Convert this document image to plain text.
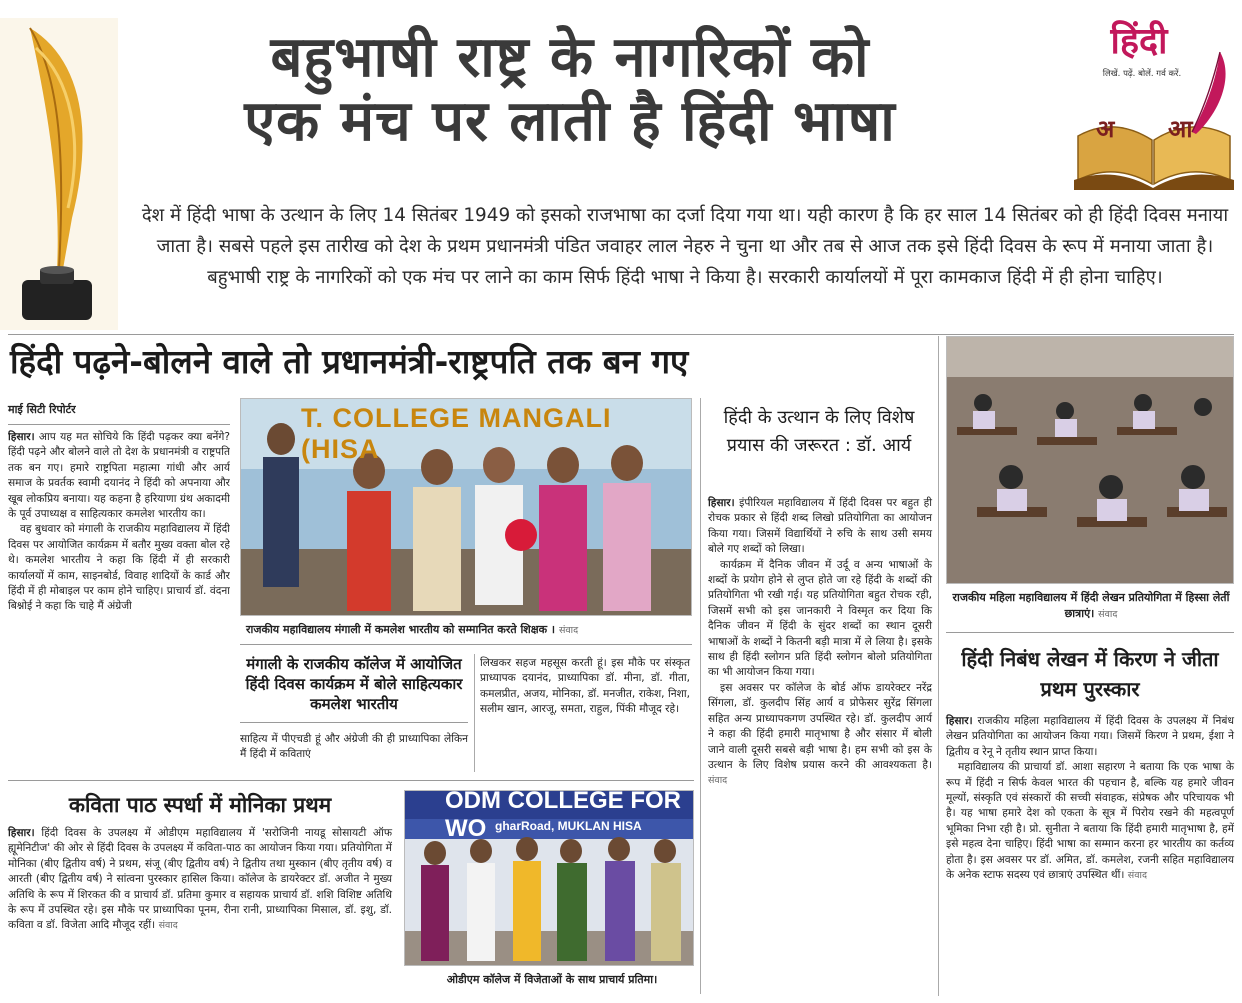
बहुभाषी राष्ट्र के नागरिकों को
एक मंच पर लाती है हिंदी भाषा
हिंदी
लिखें. पढ़ें. बोलें. गर्व करें.
अ आ
देश में हिंदी भाषा के उत्थान के लिए 14 सितंबर 1949 को इसको राजभाषा का दर्जा दिया गया था। यही कारण है कि हर साल 14 सितंबर को ही हिंदी दिवस मनाया जाता है। सबसे पहले इस तारीख को देश के प्रथम प्रधानमंत्री पंडित जवाहर लाल नेहरु ने चुना था और तब से आज तक इसे हिंदी दिवस के रूप में मनाया जाता है। बहुभाषी राष्ट्र के नागरिकों को एक मंच पर लाने का काम सिर्फ हिंदी भाषा ने किया है। सरकारी कार्यालयों में पूरा कामकाज हिंदी में ही होना चाहिए।
हिंदी पढ़ने-बोलने वाले तो प्रधानमंत्री-राष्ट्रपति तक बन गए
माई सिटी रिपोर्टर
हिसार। आप यह मत सोचिये कि हिंदी पढ़कर क्या बनेंगे? हिंदी पढ़ने और बोलने वाले तो देश के प्रधानमंत्री व राष्ट्रपति तक बन गए। हमारे राष्ट्रपिता महात्मा गांधी और आर्य समाज के प्रवर्तक स्वामी दयानंद ने हिंदी को अपनाया और खूब लोकप्रिय बनाया। यह कहना है हरियाणा ग्रंथ अकादमी के पूर्व उपाध्यक्ष व साहित्यकार कमलेश भारतीय का।
वह बुधवार को मंगाली के राजकीय महाविद्यालय में हिंदी दिवस पर आयोजित कार्यक्रम में बतौर मुख्य वक्ता बोल रहे थे। कमलेश भारतीय ने कहा कि हिंदी में ही सरकारी कार्यालयों में काम, साइनबोर्ड, विवाह शादियों के कार्ड और हिंदी में ही मोबाइल पर काम होने चाहिए। प्राचार्य डॉ. वंदना बिश्नोई ने कहा कि चाहे मैं अंग्रेजी
T. COLLEGE MANGALI (HISA
राजकीय महाविद्यालय मंगाली में कमलेश भारतीय को सम्मानित करते शिक्षक । संवाद
मंगाली के राजकीय कॉलेज में आयोजित हिंदी दिवस कार्यक्रम में बोले साहित्यकार कमलेश भारतीय
साहित्य में पीएचडी हूं और अंग्रेजी की ही प्राध्यापिका लेकिन मैं हिंदी में कविताएं
लिखकर सहज महसूस करती हूं। इस मौके पर संस्कृत प्राध्यापक दयानंद, प्राध्यापिका डॉ. मीना, डॉ. गीता, कमलप्रीत, अजय, मोनिका, डॉ. मनजीत, राकेश, निशा, सलीम खान, आरजू, समता, राहुल, पिंकी मौजूद रहे।
हिंदी के उत्थान के लिए विशेष प्रयास की जरूरत : डॉ. आर्य
हिसार। इंपीरियल महाविद्यालय में हिंदी दिवस पर बहुत ही रोचक प्रकार से हिंदी शब्द लिखो प्रतियोगिता का आयोजन किया गया। जिसमें विद्यार्थियों ने रुचि के साथ उसी समय बोले गए शब्दों को लिखा।
कार्यक्रम में दैनिक जीवन में उर्दू व अन्य भाषाओं के शब्दों के प्रयोग होने से लुप्त होते जा रहे हिंदी के शब्दों की प्रतियोगिता भी रखी गई। यह प्रतियोगिता बहुत रोचक रही, जिसमें सभी को इस जानकारी ने विस्मृत कर दिया कि दैनिक जीवन में हिंदी के सुंदर शब्दों का स्थान दूसरी भाषाओं के शब्दों ने कितनी बड़ी मात्रा में ले लिया है। इसके साथ ही हिंदी स्लोगन प्रति हिंदी स्लोगन बोलो प्रतियोगिता का भी आयोजन किया गया।
इस अवसर पर कॉलेज के बोर्ड ऑफ डायरेक्टर नरेंद्र सिंगला, डॉ. कुलदीप सिंह आर्य व प्रोफेसर सुरेंद्र सिंगला सहित अन्य प्राध्यापकगण उपस्थित रहे। डॉ. कुलदीप आर्य ने कहा की हिंदी हमारी मातृभाषा है और संसार में बोली जाने वाली दूसरी सबसे बड़ी भाषा है। हम सभी को इस के उत्थान के लिए विशेष प्रयास करने की आवश्यकता है। संवाद
राजकीय महिला महाविद्यालय में हिंदी लेखन प्रतियोगिता में हिस्सा लेतीं छात्राएं। संवाद
हिंदी निबंध लेखन में किरण ने जीता प्रथम पुरस्कार
हिसार। राजकीय महिला महाविद्यालय में हिंदी दिवस के उपलक्ष्य में निबंध लेखन प्रतियोगिता का आयोजन किया गया। जिसमें किरण ने प्रथम, ईशा ने द्वितीय व रेनू ने तृतीय स्थान प्राप्त किया।
महाविद्यालय की प्राचार्या डॉ. आशा सहारण ने बताया कि एक भाषा के रूप में हिंदी न सिर्फ केवल भारत की पहचान है, बल्कि यह हमारे जीवन मूल्यों, संस्कृति एवं संस्कारों की सच्ची संवाहक, संप्रेषक और परिचायक भी है। यह भाषा हमारे देश को एकता के सूत्र में पिरोय रखने की महत्वपूर्ण भूमिका निभा रही है। प्रो. सुनीता ने बताया कि हिंदी हमारी मातृभाषा है, हमें इसे महत्व देना चाहिए। हिंदी भाषा का सम्मान करना हर भारतीय का कर्तव्य होता है। इस अवसर पर डॉ. अमित, डॉ. कमलेश, रजनी सहित महाविद्यालय के अनेक स्टाफ सदस्य एवं छात्राएं उपस्थित थीं। संवाद
कविता पाठ स्पर्धा में मोनिका प्रथम
हिसार। हिंदी दिवस के उपलक्ष्य में ओडीएम महाविद्यालय में 'सरोजिनी नायडू सोसायटी ऑफ ह्यूमेनिटीज' की ओर से हिंदी दिवस के उपलक्ष्य में कविता-पाठ का आयोजन किया गया। प्रतियोगिता में मोनिका (बीए द्वितीय वर्ष) ने प्रथम, संजू (बीए द्वितीय वर्ष) ने द्वितीय तथा मुस्कान (बीए तृतीय वर्ष) व आरती (बीए द्वितीय वर्ष) ने सांत्वना पुरस्कार हासिल किया। कॉलेज के डायरेक्टर डॉ. अजीत ने मुख्य अतिथि के रूप में शिरकत की व प्राचार्य डॉ. प्रतिमा कुमार व सहायक प्राचार्य डॉ. शशि विशिष्ट अतिथि के रूप में उपस्थित रहे। इस मौके पर प्राध्यापिका पूनम, रीना रानी, प्राध्यापिका मिसाल, डॉ. इशु, डॉ. कविता व डॉ. विजेता आदि मौजूद रहीं। संवाद
ODM COLLEGE FOR WO gharRoad, MUKLAN HISA
ओडीएम कॉलेज में विजेताओं के साथ प्राचार्य प्रतिमा।
